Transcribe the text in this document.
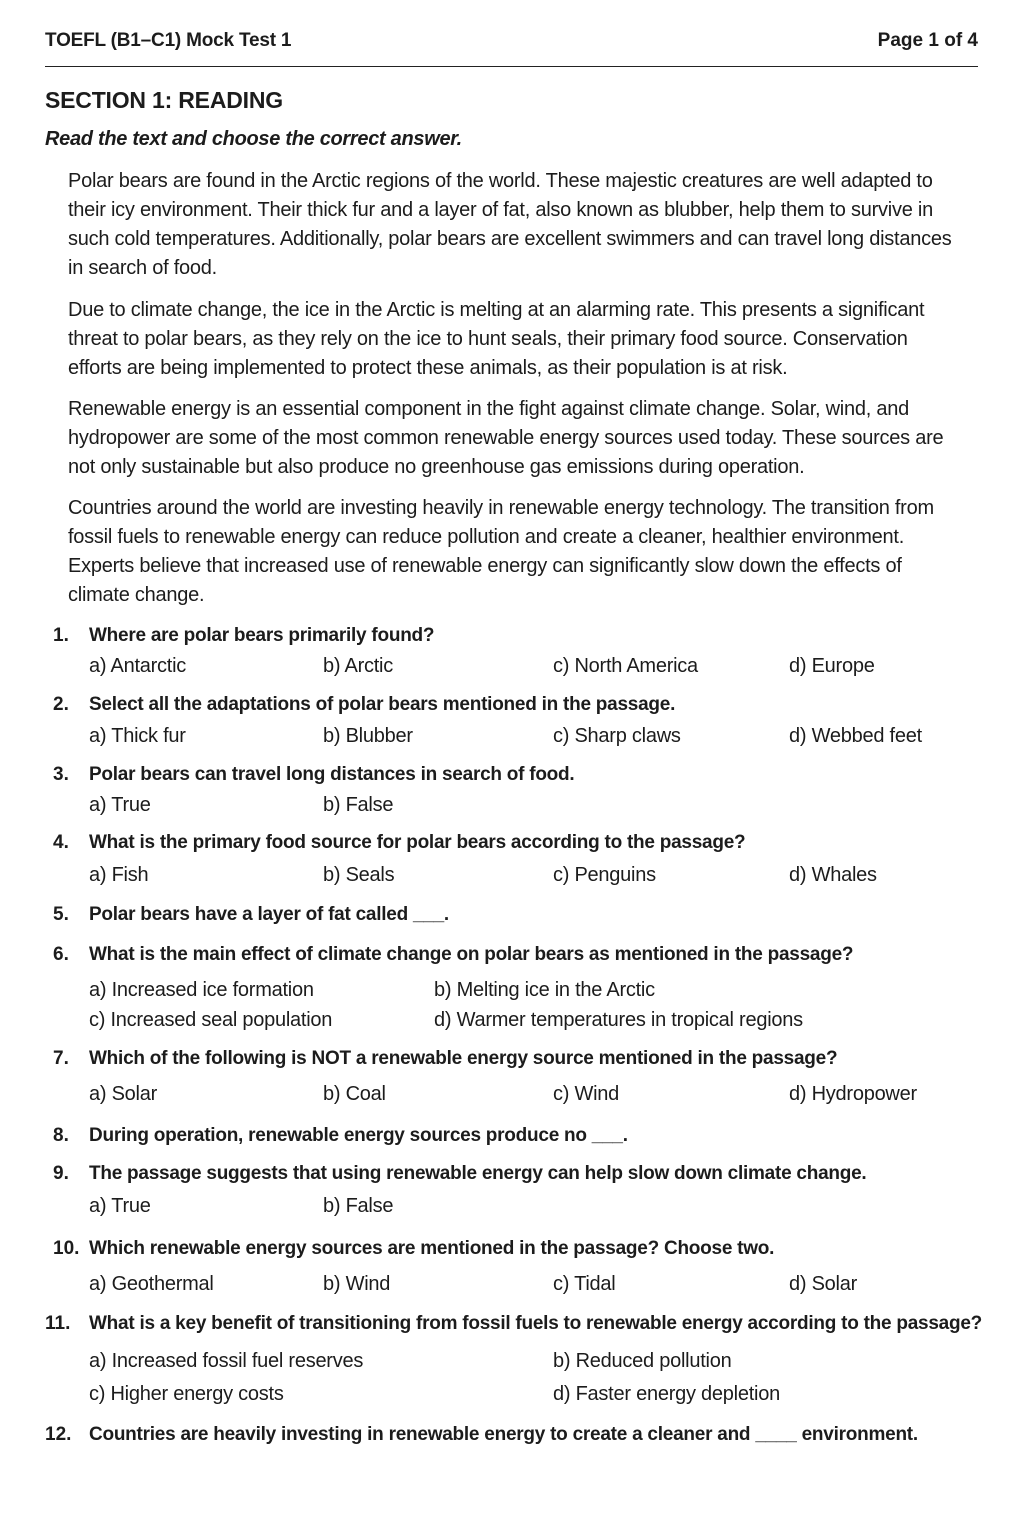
TOEFL (B1–C1) Mock Test 1	Page 1 of 4
SECTION 1: READING
Read the text and choose the correct answer.

Polar bears are found in the Arctic regions of the world. These majestic creatures are well adapted to their icy environment. Their thick fur and a layer of fat, also known as blubber, help them to survive in such cold temperatures. Additionally, polar bears are excellent swimmers and can travel long distances in search of food.

Due to climate change, the ice in the Arctic is melting at an alarming rate. This presents a significant threat to polar bears, as they rely on the ice to hunt seals, their primary food source. Conservation efforts are being implemented to protect these animals, as their population is at risk.

Renewable energy is an essential component in the fight against climate change. Solar, wind, and hydropower are some of the most common renewable energy sources used today. These sources are not only sustainable but also produce no greenhouse gas emissions during operation.

Countries around the world are investing heavily in renewable energy technology. The transition from fossil fuels to renewable energy can reduce pollution and create a cleaner, healthier environment. Experts believe that increased use of renewable energy can significantly slow down the effects of climate change.

1. Where are polar bears primarily found?
a) Antarctic	b) Arctic	c) North America	d) Europe
2. Select all the adaptations of polar bears mentioned in the passage.
a) Thick fur	b) Blubber	c) Sharp claws	d) Webbed feet
3. Polar bears can travel long distances in search of food.
a) True	b) False
4. What is the primary food source for polar bears according to the passage?
a) Fish	b) Seals	c) Penguins	d) Whales
5. Polar bears have a layer of fat called ___.
6. What is the main effect of climate change on polar bears as mentioned in the passage?
a) Increased ice formation	b) Melting ice in the Arctic
c) Increased seal population	d) Warmer temperatures in tropical regions
7. Which of the following is NOT a renewable energy source mentioned in the passage?
a) Solar	b) Coal	c) Wind	d) Hydropower
8. During operation, renewable energy sources produce no ___.
9. The passage suggests that using renewable energy can help slow down climate change.
a) True	b) False
10. Which renewable energy sources are mentioned in the passage? Choose two.
a) Geothermal	b) Wind	c) Tidal	d) Solar
11. What is a key benefit of transitioning from fossil fuels to renewable energy according to the passage?
a) Increased fossil fuel reserves	b) Reduced pollution
c) Higher energy costs	d) Faster energy depletion
12. Countries are heavily investing in renewable energy to create a cleaner and ____ environment.
